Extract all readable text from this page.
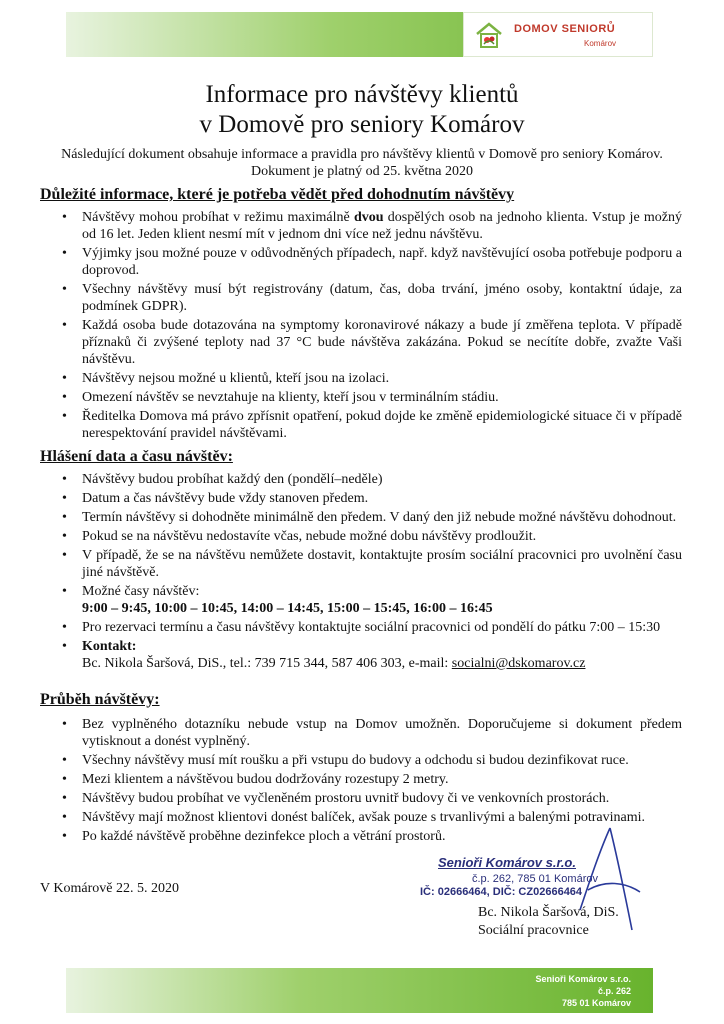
DOMOV SENIORŮ
Komárov
Informace pro návštěvy klientů
v Domově pro seniory Komárov
Následující dokument obsahuje informace a pravidla pro návštěvy klientů v Domově pro seniory Komárov.
Dokument je platný od 25. května 2020
Důležité informace, které je potřeba vědět před dohodnutím návštěvy
• Návštěvy mohou probíhat v režimu maximálně dvou dospělých osob na jednoho klienta. Vstup je možný od 16 let. Jeden klient nesmí mít v jednom dni více než jednu návštěvu.
• Výjimky jsou možné pouze v odůvodněných případech, např. když navštěvující osoba potřebuje podporu a doprovod.
• Všechny návštěvy musí být registrovány (datum, čas, doba trvání, jméno osoby, kontaktní údaje, za podmínek GDPR).
• Každá osoba bude dotazována na symptomy koronavirové nákazy a bude jí změřena teplota. V případě příznaků či zvýšené teploty nad 37 °C bude návštěva zakázána. Pokud se necítíte dobře, zvažte Vaši návštěvu.
• Návštěvy nejsou možné u klientů, kteří jsou na izolaci.
• Omezení návštěv se nevztahuje na klienty, kteří jsou v terminálním stádiu.
• Ředitelka Domova má právo zpřísnit opatření, pokud dojde ke změně epidemiologické situace či v případě nerespektování pravidel návštěvami.
Hlášení data a času návštěv:
• Návštěvy budou probíhat každý den (pondělí–neděle)
• Datum a čas návštěvy bude vždy stanoven předem.
• Termín návštěvy si dohodněte minimálně den předem. V daný den již nebude možné návštěvu dohodnout.
• Pokud se na návštěvu nedostavíte včas, nebude možné dobu návštěvy prodloužit.
• V případě, že se na návštěvu nemůžete dostavit, kontaktujte prosím sociální pracovnici pro uvolnění času jiné návštěvě.
• Možné časy návštěv:
9:00 – 9:45, 10:00 – 10:45, 14:00 – 14:45, 15:00 – 15:45, 16:00 – 16:45
• Pro rezervaci termínu a času návštěvy kontaktujte sociální pracovnici od pondělí do pátku 7:00 – 15:30
• Kontakt:
Bc. Nikola Šaršová, DiS., tel.: 739 715 344, 587 406 303, e-mail: socialni@dskomarov.cz
Průběh návštěvy:
• Bez vyplněného dotazníku nebude vstup na Domov umožněn. Doporučujeme si dokument předem vytisknout a donést vyplněný.
• Všechny návštěvy musí mít roušku a při vstupu do budovy a odchodu si budou dezinfikovat ruce.
• Mezi klientem a návštěvou budou dodržovány rozestupy 2 metry.
• Návštěvy budou probíhat ve vyčleněném prostoru uvnitř budovy či ve venkovních prostorách.
• Návštěvy mají možnost klientovi donést balíček, avšak pouze s trvanlivými a balenými potravinami.
• Po každé návštěvě proběhne dezinfekce ploch a větrání prostorů.
V Komárově 22. 5. 2020
Senioři Komárov s.r.o.
č.p. 262, 785 01 Komárov
IČ: 02666464, DIČ: CZ02666464
Bc. Nikola Šaršová, DiS.
Sociální pracovnice
Senioři Komárov s.r.o.
č.p. 262
785 01 Komárov
